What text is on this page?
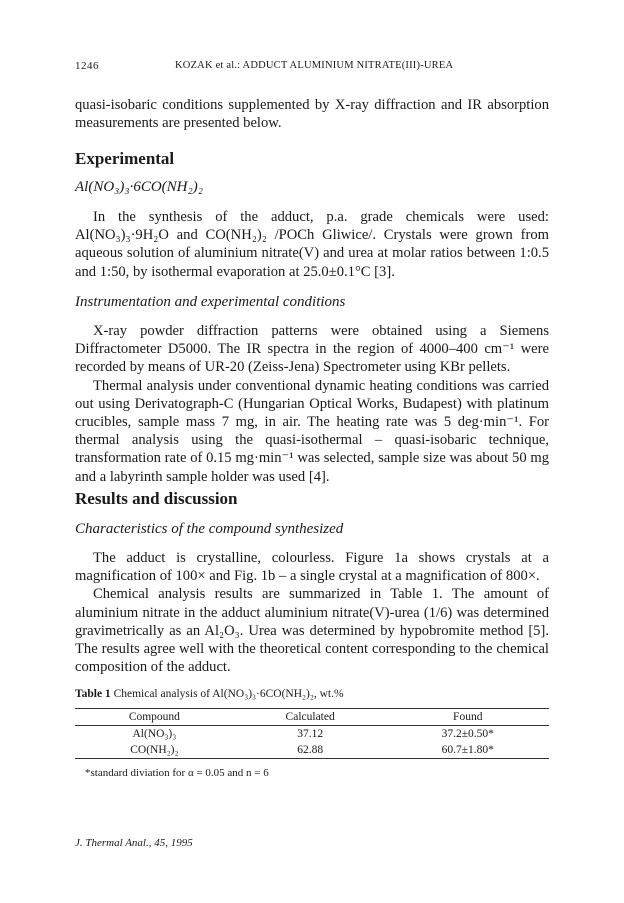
1246	KOZAK et al.: ADDUCT ALUMINIUM NITRATE(III)-UREA

quasi-isobaric conditions supplemented by X-ray diffraction and IR absorption measurements are presented below.

Experimental
Al(NO₃)₃·6CO(NH₂)₂

In the synthesis of the adduct, p.a. grade chemicals were used: Al(NO₃)₃·9H₂O and CO(NH₂)₂ /POCh Gliwice/. Crystals were grown from aqueous solution of aluminium nitrate(V) and urea at molar ratios between 1:0.5 and 1:50, by isothermal evaporation at 25.0±0.1°C [3].

Instrumentation and experimental conditions

X-ray powder diffraction patterns were obtained using a Siemens Diffractometer D5000. The IR spectra in the region of 4000–400 cm⁻¹ were recorded by means of UR-20 (Zeiss-Jena) Spectrometer using KBr pellets.

Thermal analysis under conventional dynamic heating conditions was carried out using Derivatograph-C (Hungarian Optical Works, Budapest) with platinum crucibles, sample mass 7 mg, in air. The heating rate was 5 deg·min⁻¹. For thermal analysis using the quasi-isothermal – quasi-isobaric technique, transformation rate of 0.15 mg·min⁻¹ was selected, sample size was about 50 mg and a labyrinth sample holder was used [4].

Results and discussion
Characteristics of the compound synthesized

The adduct is crystalline, colourless. Figure 1a shows crystals at a magnification of 100× and Fig. 1b – a single crystal at a magnification of 800×.

Chemical analysis results are summarized in Table 1. The amount of aluminium nitrate in the adduct aluminium nitrate(V)-urea (1/6) was determined gravimetrically as an Al₂O₃. Urea was determined by hypobromite method [5]. The results agree well with the theoretical content corresponding to the chemical composition of the adduct.

Table 1 Chemical analysis of Al(NO₃)₃·6CO(NH₂)₂, wt.%
Compound	Calculated	Found
Al(NO₃)₃	37.12	37.2±0.50*
CO(NH₂)₂	62.88	60.7±1.80*
*standard diviation for α = 0.05 and n = 6
J. Thermal Anal., 45, 1995
